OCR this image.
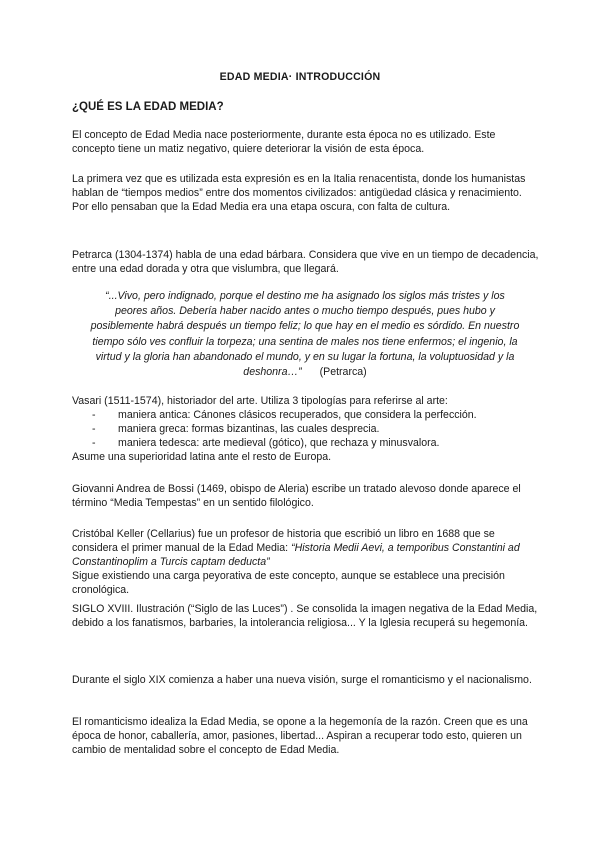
EDAD MEDIA· INTRODUCCIÓN
¿QUÉ ES LA EDAD MEDIA?

El concepto de Edad Media nace posteriormente, durante esta época no es utilizado. Este concepto tiene un matiz negativo, quiere deteriorar la visión de esta época.

La primera vez que es utilizada esta expresión es en la Italia renacentista, donde los humanistas hablan de “tiempos medios” entre dos momentos civilizados: antigüedad clásica y renacimiento.

Por ello pensaban que la Edad Media era una etapa oscura, con falta de cultura.

Petrarca (1304-1374) habla de una edad bárbara. Considera que vive en un tiempo de decadencia, entre una edad dorada y otra que vislumbra, que llegará.

“...Vivo, pero indignado, porque el destino me ha asignado los siglos más tristes y los peores años. Debería haber nacido antes o mucho tiempo después, pues hubo y posiblemente habrá después un tiempo feliz; lo que hay en el medio es sórdido. En nuestro tiempo sólo ves confluir la torpeza; una sentina de males nos tiene enfermos; el ingenio, la virtud y la gloria han abandonado el mundo, y en su lugar la fortuna, la voluptuosidad y la deshonra…” (Petrarca)

Vasari (1511-1574), historiador del arte. Utiliza 3 tipologías para referirse al arte:

- maniera antica: Cánones clásicos recuperados, que considera la perfección.
- maniera greca: formas bizantinas, las cuales desprecia.
- maniera tedesca: arte medieval (gótico), que rechaza y minusvalora.

Asume una superioridad latina ante el resto de Europa.

Giovanni Andrea de Bossi (1469, obispo de Aleria) escribe un tratado alevoso donde aparece el término “Media Tempestas” en un sentido filológico.

Cristóbal Keller (Cellarius) fue un profesor de historia que escribió un libro en 1688 que se considera el primer manual de la Edad Media: “Historia Medii Aevi, a temporibus Constantini ad Constantinoplim a Turcis captam deducta”

Sigue existiendo una carga peyorativa de este concepto, aunque se establece una precisión cronológica.

SIGLO XVIII. Ilustración (“Siglo de las Luces”) . Se consolida la imagen negativa de la Edad Media, debido a los fanatismos, barbaries, la intolerancia religiosa... Y la Iglesia recuperá su hegemonía.

Durante el siglo XIX comienza a haber una nueva visión, surge el romanticismo y el nacionalismo.

El romanticismo idealiza la Edad Media, se opone a la hegemonía de la razón. Creen que es una época de honor, caballería, amor, pasiones, libertad... Aspiran a recuperar todo esto, quieren un cambio de mentalidad sobre el concepto de Edad Media.
